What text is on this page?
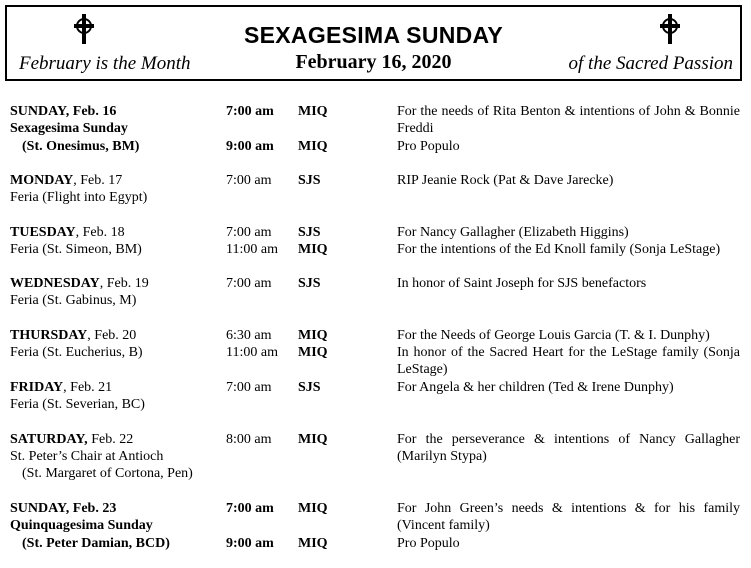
SEXAGESIMA SUNDAY
February 16, 2020
February is the Month	of the Sacred Passion
SUNDAY, Feb. 16
Sexagesima Sunday
(St. Onesimus, BM)
7:00 am MIQ	For the needs of Rita Benton & intentions of John & Bonnie Freddi
9:00 am MIQ	Pro Populo
MONDAY, Feb. 17
Feria (Flight into Egypt)
7:00 am SJS	RIP Jeanie Rock (Pat & Dave Jarecke)
TUESDAY, Feb. 18
Feria (St. Simeon, BM)
7:00 am SJS	For Nancy Gallagher (Elizabeth Higgins)
11:00 am MIQ	For the intentions of the Ed Knoll family (Sonja LeStage)
WEDNESDAY, Feb. 19
Feria (St. Gabinus, M)
7:00 am SJS	In honor of Saint Joseph for SJS benefactors
THURSDAY, Feb. 20
Feria (St. Eucherius, B)
6:30 am MIQ	For the Needs of George Louis Garcia (T. & I. Dunphy)
11:00 am MIQ	In honor of the Sacred Heart for the LeStage family (Sonja LeStage)
FRIDAY, Feb. 21
Feria (St. Severian, BC)
7:00 am SJS	For Angela & her children (Ted & Irene Dunphy)
SATURDAY, Feb. 22
St. Peter’s Chair at Antioch
(St. Margaret of Cortona, Pen)
8:00 am MIQ	For the perseverance & intentions of Nancy Gallagher (Marilyn Stypa)
SUNDAY, Feb. 23
Quinquagesima Sunday
(St. Peter Damian, BCD)
7:00 am MIQ	For John Green’s needs & intentions & for his family (Vincent family)
9:00 am MIQ	Pro Populo
